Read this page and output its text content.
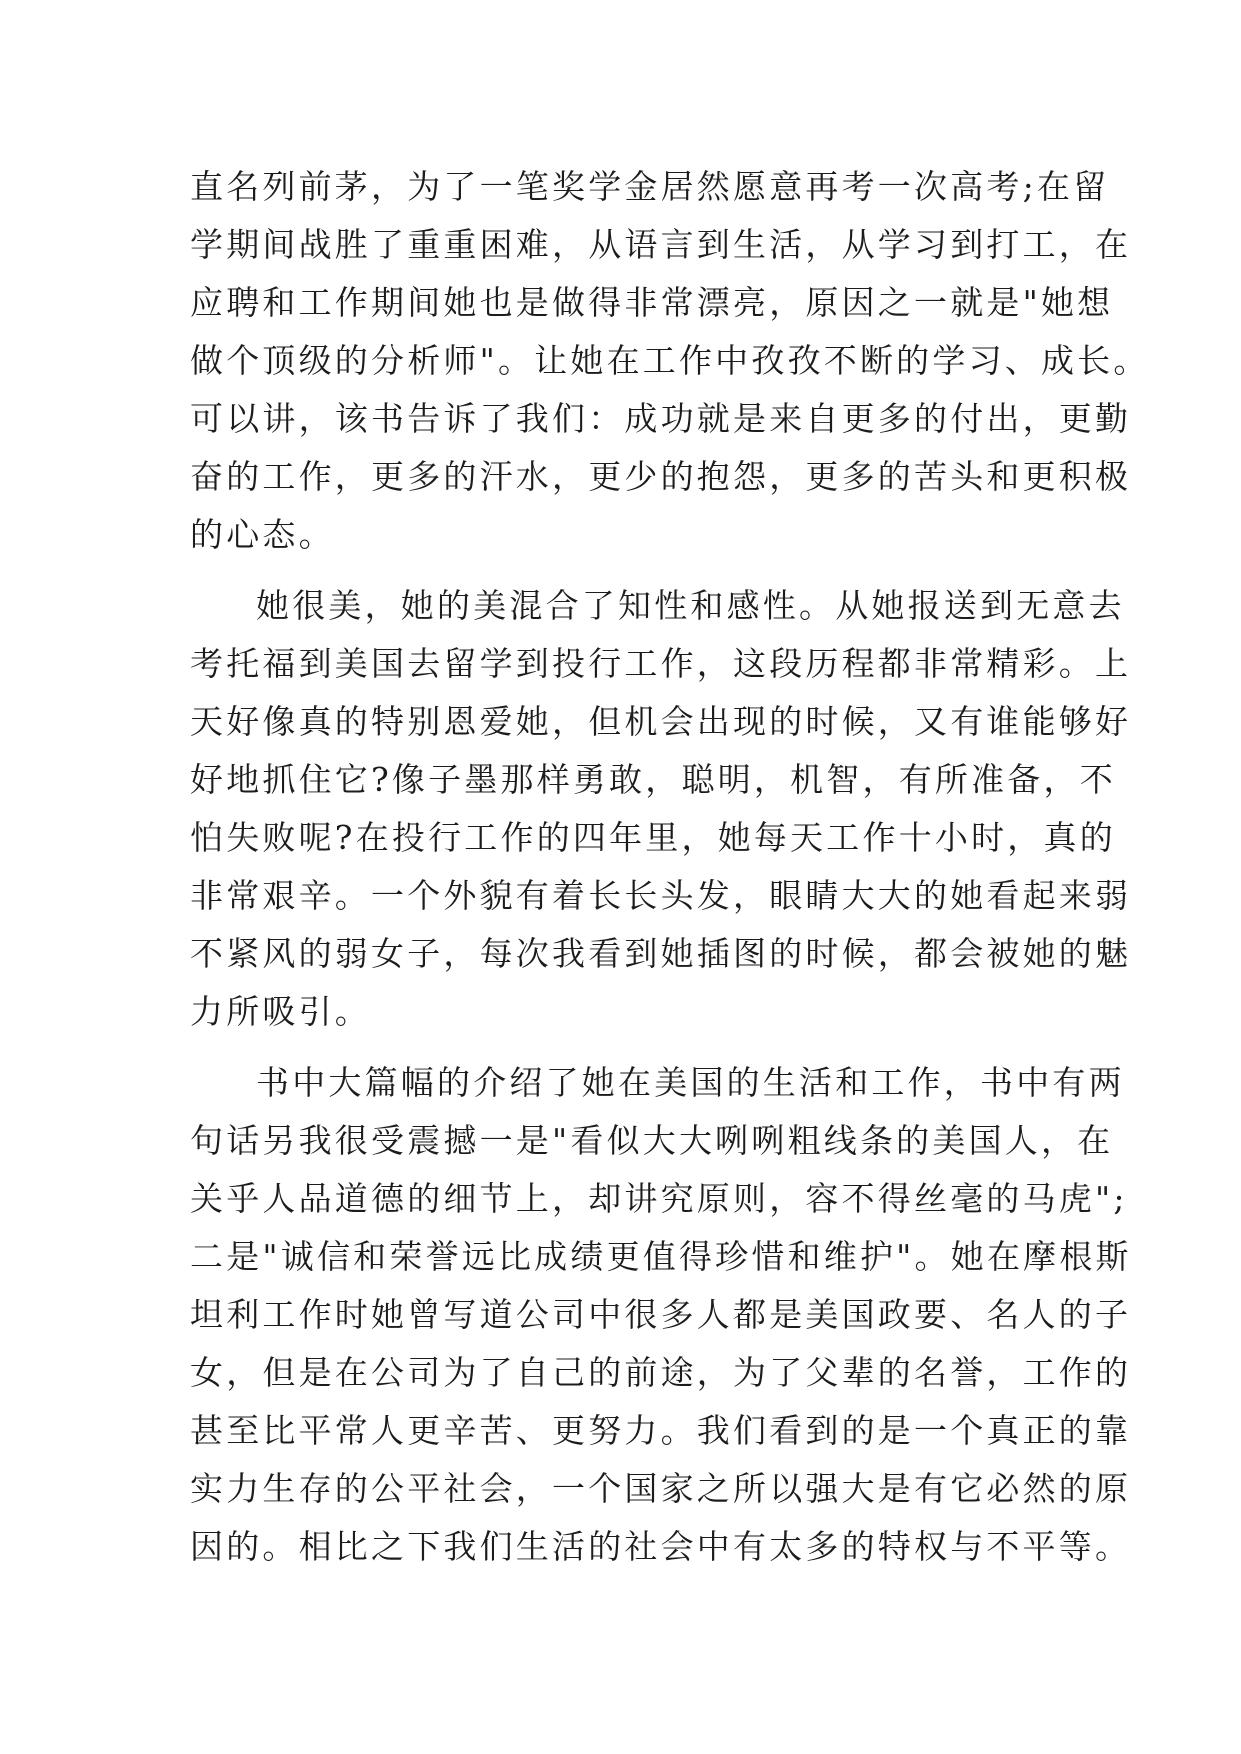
直名列前茅，为了一笔奖学金居然愿意再考一次高考;在留
学期间战胜了重重困难，从语言到生活，从学习到打工，在
应聘和工作期间她也是做得非常漂亮，原因之一就是"她想
做个顶级的分析师"。让她在工作中孜孜不断的学习、成长。
可以讲，该书告诉了我们：成功就是来自更多的付出，更勤
奋的工作，更多的汗水，更少的抱怨，更多的苦头和更积极
的心态。
她很美，她的美混合了知性和感性。从她报送到无意去
考托福到美国去留学到投行工作，这段历程都非常精彩。上
天好像真的特别恩爱她，但机会出现的时候，又有谁能够好
好地抓住它?像子墨那样勇敢，聪明，机智，有所准备，不
怕失败呢?在投行工作的四年里，她每天工作十小时，真的
非常艰辛。一个外貌有着长长头发，眼睛大大的她看起来弱
不紧风的弱女子，每次我看到她插图的时候，都会被她的魅
力所吸引。
书中大篇幅的介绍了她在美国的生活和工作，书中有两
句话另我很受震撼一是"看似大大咧咧粗线条的美国人，在
关乎人品道德的细节上，却讲究原则，容不得丝毫的马虎";
二是"诚信和荣誉远比成绩更值得珍惜和维护"。她在摩根斯
坦利工作时她曾写道公司中很多人都是美国政要、名人的子
女，但是在公司为了自己的前途，为了父辈的名誉，工作的
甚至比平常人更辛苦、更努力。我们看到的是一个真正的靠
实力生存的公平社会，一个国家之所以强大是有它必然的原
因的。相比之下我们生活的社会中有太多的特权与不平等。
